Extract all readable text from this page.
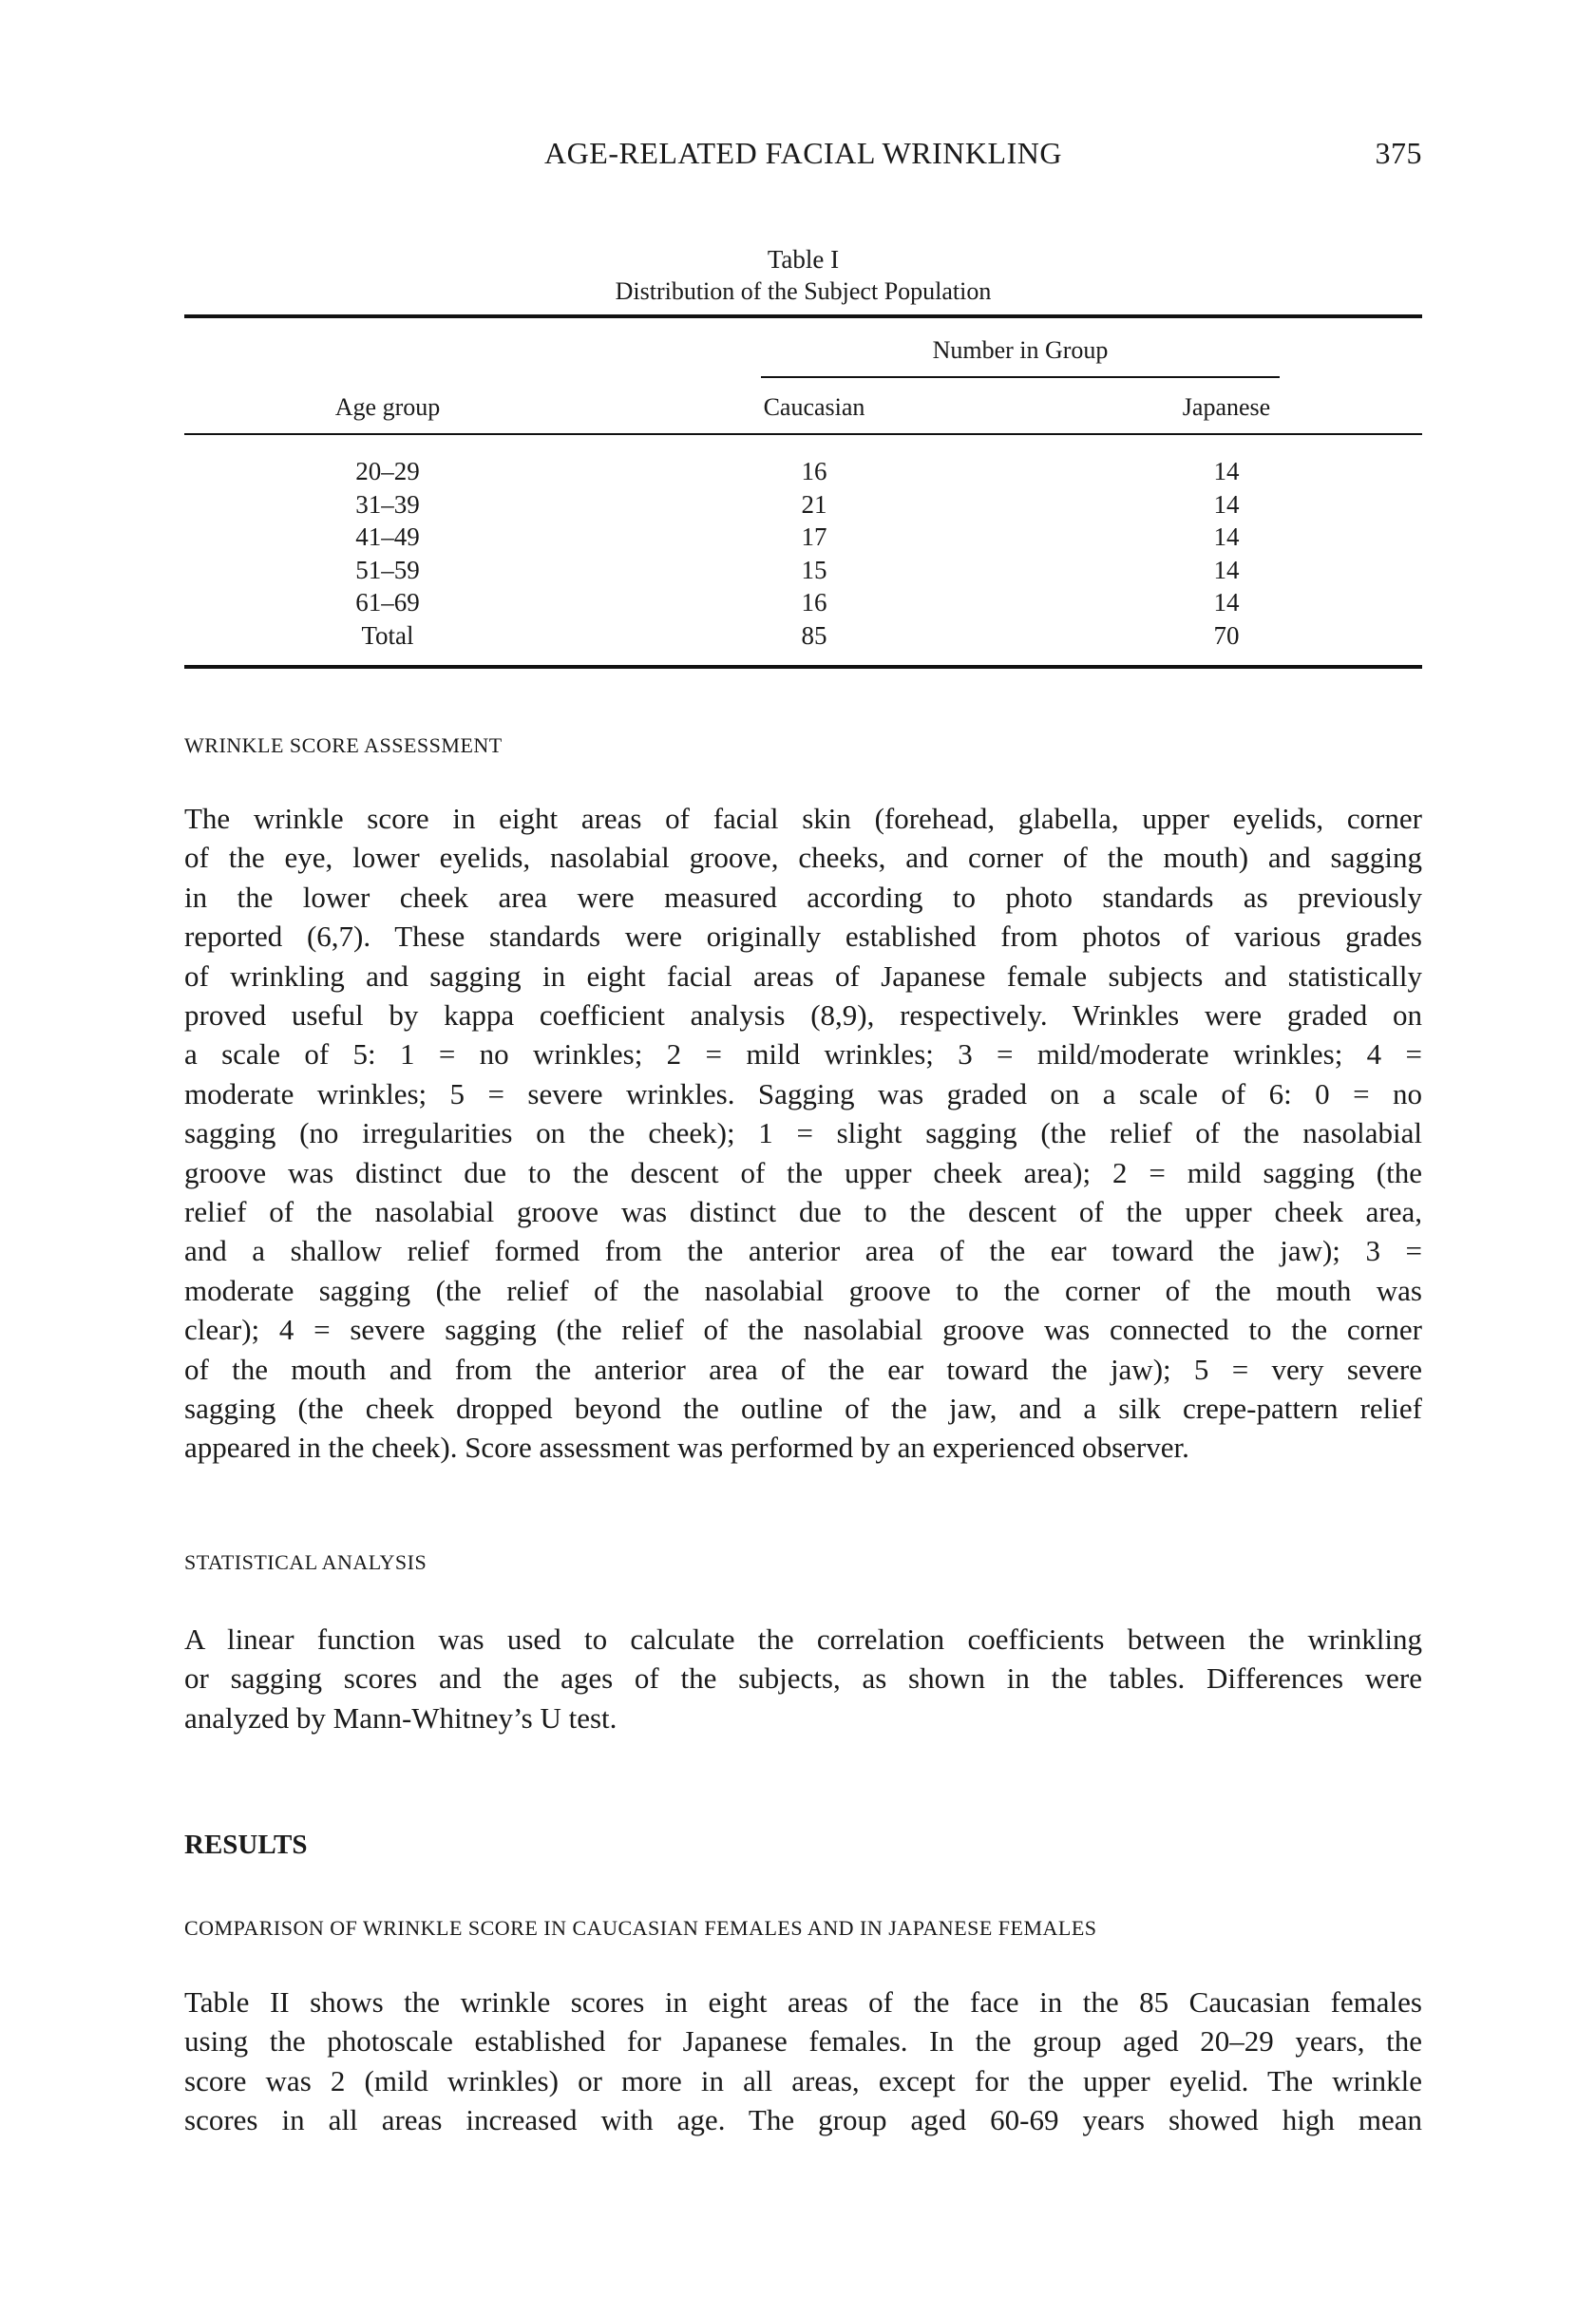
AGE-RELATED FACIAL WRINKLING	375
Table I
Distribution of the Subject Population
Number in Group
Age group	Caucasian	Japanese
20–29	16	14
31–39	21	14
41–49	17	14
51–59	15	14
61–69	16	14
Total	85	70
WRINKLE SCORE ASSESSMENT
The wrinkle score in eight areas of facial skin (forehead, glabella, upper eyelids, corner
of the eye, lower eyelids, nasolabial groove, cheeks, and corner of the mouth) and sagging
in the lower cheek area were measured according to photo standards as previously
reported (6,7). These standards were originally established from photos of various grades
of wrinkling and sagging in eight facial areas of Japanese female subjects and statistically
proved useful by kappa coefficient analysis (8,9), respectively. Wrinkles were graded on
a scale of 5: 1 = no wrinkles; 2 = mild wrinkles; 3 = mild/moderate wrinkles; 4 =
moderate wrinkles; 5 = severe wrinkles. Sagging was graded on a scale of 6: 0 = no
sagging (no irregularities on the cheek); 1 = slight sagging (the relief of the nasolabial
groove was distinct due to the descent of the upper cheek area); 2 = mild sagging (the
relief of the nasolabial groove was distinct due to the descent of the upper cheek area,
and a shallow relief formed from the anterior area of the ear toward the jaw); 3 =
moderate sagging (the relief of the nasolabial groove to the corner of the mouth was
clear); 4 = severe sagging (the relief of the nasolabial groove was connected to the corner
of the mouth and from the anterior area of the ear toward the jaw); 5 = very severe
sagging (the cheek dropped beyond the outline of the jaw, and a silk crepe-pattern relief
appeared in the cheek). Score assessment was performed by an experienced observer.
STATISTICAL ANALYSIS
A linear function was used to calculate the correlation coefficients between the wrinkling
or sagging scores and the ages of the subjects, as shown in the tables. Differences were
analyzed by Mann-Whitney’s U test.
RESULTS
COMPARISON OF WRINKLE SCORE IN CAUCASIAN FEMALES AND IN JAPANESE FEMALES
Table II shows the wrinkle scores in eight areas of the face in the 85 Caucasian females
using the photoscale established for Japanese females. In the group aged 20–29 years, the
score was 2 (mild wrinkles) or more in all areas, except for the upper eyelid. The wrinkle
scores in all areas increased with age. The group aged 60-69 years showed high mean
